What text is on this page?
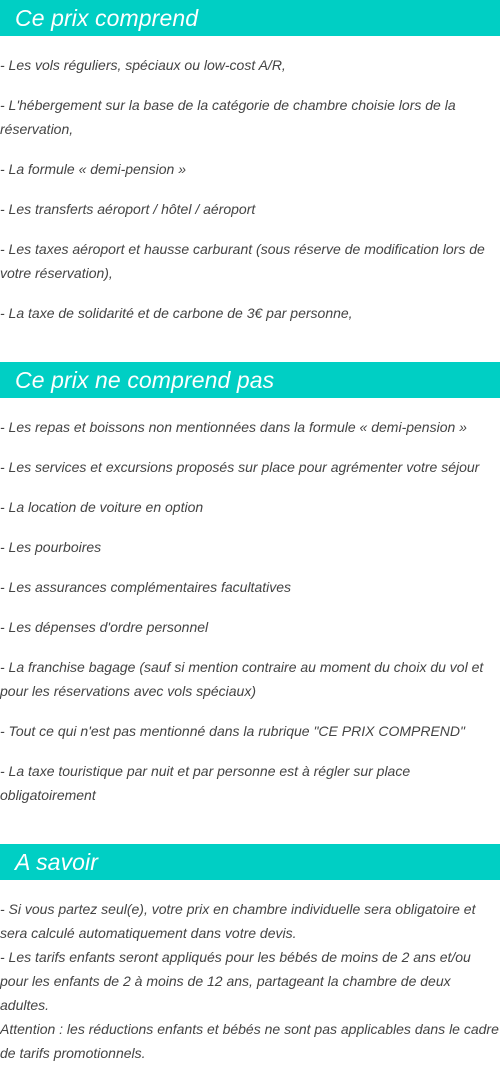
Ce prix comprend
- Les vols réguliers, spéciaux ou low-cost A/R,
- L'hébergement sur la base de la catégorie de chambre choisie lors de la réservation,
- La formule « demi-pension »
- Les transferts aéroport / hôtel / aéroport
- Les taxes aéroport et hausse carburant (sous réserve de modification lors de votre réservation),
- La taxe de solidarité et de carbone de 3€ par personne,
Ce prix ne comprend pas
- Les repas et boissons non mentionnées dans la formule « demi-pension »
- Les services et excursions proposés sur place pour agrémenter votre séjour
- La location de voiture en option
- Les pourboires
- Les assurances complémentaires facultatives
- Les dépenses d'ordre personnel
- La franchise bagage (sauf si mention contraire au moment du choix du vol et pour les réservations avec vols spéciaux)
- Tout ce qui n'est pas mentionné dans la rubrique "CE PRIX COMPREND"
- La taxe touristique par nuit et par personne est à régler sur place obligatoirement
A savoir

- Si vous partez seul(e), votre prix en chambre individuelle sera obligatoire et sera calculé automatiquement dans votre devis.

- Les tarifs enfants seront appliqués pour les bébés de moins de 2 ans et/ou pour les enfants de 2 à moins de 12 ans, partageant la chambre de deux adultes.

Attention : les réductions enfants et bébés ne sont pas applicables dans le cadre de tarifs promotionnels.
